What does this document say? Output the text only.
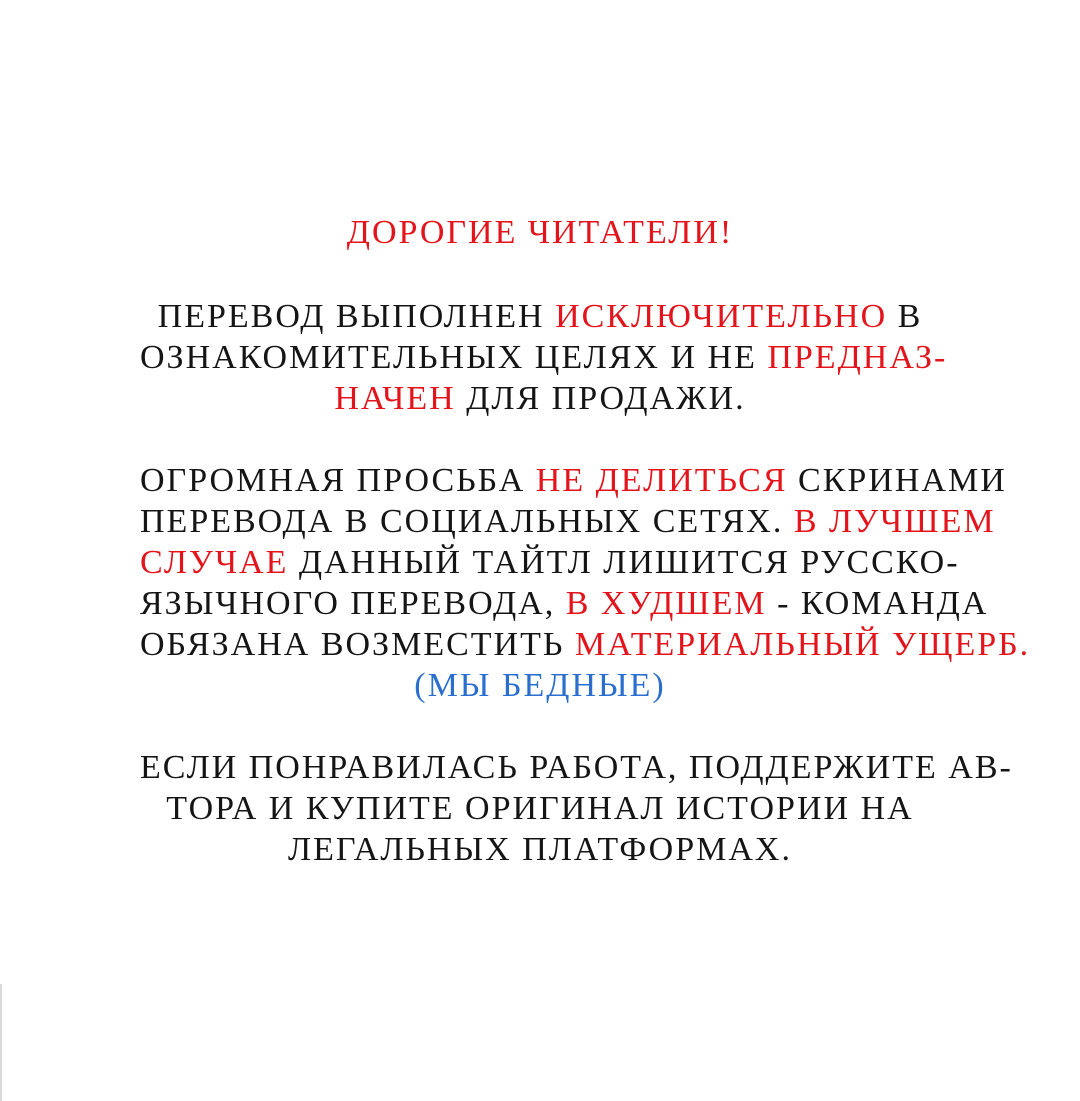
ДОРОГИЕ ЧИТАТЕЛИ!

ПЕРЕВОД ВЫПОЛНЕН ИСКЛЮЧИТЕЛЬНО В
ОЗНАКОМИТЕЛЬНЫХ ЦЕЛЯХ И НЕ ПРЕДНАЗ-
НАЧЕН ДЛЯ ПРОДАЖИ.

ОГРОМНАЯ ПРОСЬБА НЕ ДЕЛИТЬСЯ СКРИНАМИ
ПЕРЕВОДА В СОЦИАЛЬНЫХ СЕТЯХ. В ЛУЧШЕМ
СЛУЧАЕ ДАННЫЙ ТАЙТЛ ЛИШИТСЯ РУССКО-
ЯЗЫЧНОГО ПЕРЕВОДА, В ХУДШЕМ - КОМАНДА
ОБЯЗАНА ВОЗМЕСТИТЬ МАТЕРИАЛЬНЫЙ УЩЕРБ.
(МЫ БЕДНЫЕ)

ЕСЛИ ПОНРАВИЛАСЬ РАБОТА, ПОДДЕРЖИТЕ АВ-
ТОРА И КУПИТЕ ОРИГИНАЛ ИСТОРИИ НА
ЛЕГАЛЬНЫХ ПЛАТФОРМАХ.
